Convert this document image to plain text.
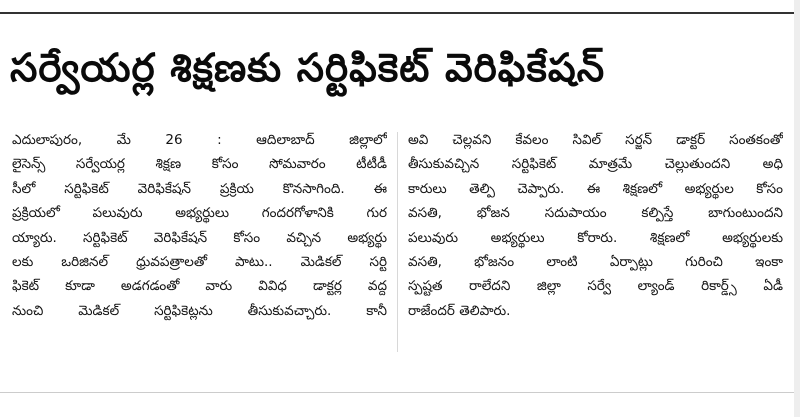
సర్వేయర్ల శిక్షణకు సర్టిఫికెట్ వెరిఫికేషన్
ఎదులాపురం, మే 26 : ఆదిలాబాద్ జిల్లాలో
లైసెన్స్ సర్వేయర్ల శిక్షణ కోసం సోమవారం టీటీడీ
సీలో సర్టిఫికెట్ వెరిఫికేషన్ ప్రక్రియ కొనసాగింది. ఈ
ప్రక్రియలో పలువురు అభ్యర్థులు గందరగోళానికి గుర
య్యారు. సర్టిఫికెట్ వెరిఫికేషన్ కోసం వచ్చిన అభ్యర్థు
లకు ఒరిజినల్ ధ్రువపత్రాలతో పాటు.. మెడికల్ సర్టి
ఫికెట్ కూడా అడగడంతో వారు వివిధ డాక్టర్ల వద్ద
నుంచి మెడికల్ సర్టిఫికెట్లను తీసుకువచ్చారు. కానీ
అవి చెల్లవని కేవలం సివిల్ సర్జన్ డాక్టర్ సంతకంతో
తీసుకువచ్చిన సర్టిఫికెట్ మాత్రమే చెల్లుతుందని అధి
కారులు తెల్పి చెప్పారు. ఈ శిక్షణలో అభ్యర్థుల కోసం
వసతి, భోజన సదుపాయం కల్పిస్తే బాగుంటుందని
పలువురు అభ్యర్థులు కోరారు. శిక్షణలో అభ్యర్థులకు
వసతి, భోజనం లాంటి ఏర్పాట్లు గురించి ఇంకా
స్పష్టత రాలేదని జిల్లా సర్వే ల్యాండ్ రికార్డ్స్ ఏడీ
రాజేందర్ తెలిపారు.
